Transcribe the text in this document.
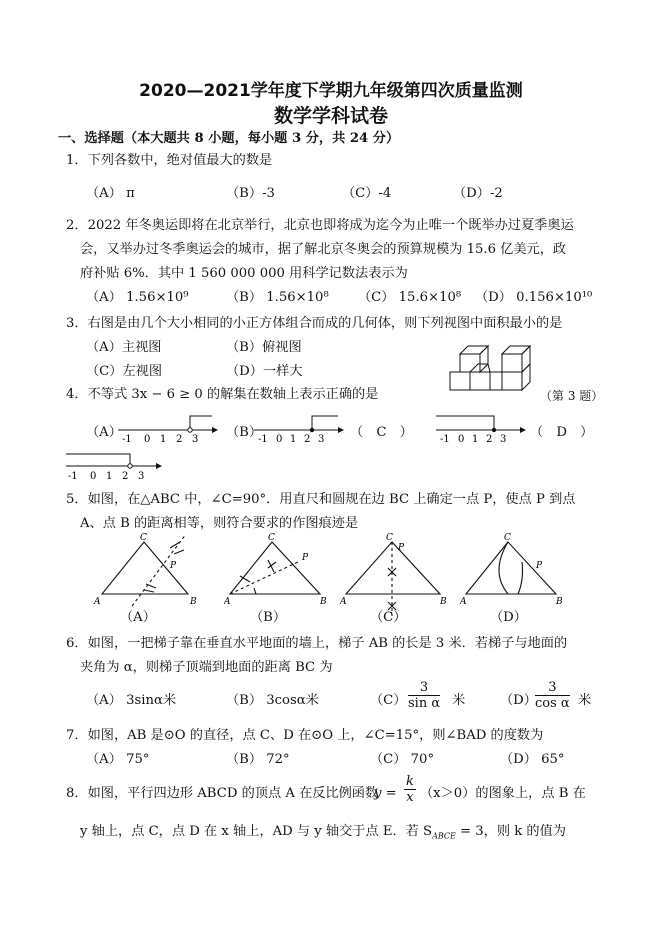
2020—2021学年度下学期九年级第四次质量监测
数学学科试卷
一、选择题（本大题共 8 小题，每小题 3 分，共 24 分）
1．下列各数中，绝对值最大的数是
（A） π	（B）-3	（C）-4	（D）-2
2．2022 年冬奥运即将在北京举行，北京也即将成为迄今为止唯一个既举办过夏季奥运
会，又举办过冬季奥运会的城市，据了解北京冬奥会的预算规模为 15.6 亿美元，政
府补贴 6%．其中 1 560 000 000 用科学记数法表示为
（A） 1.56×10⁹	（B） 1.56×10⁸ （C） 15.6×10⁸ （D） 0.156×10¹⁰
3．右图是由几个大小相同的小正方体组合而成的几何体，则下列视图中面积最小的是
（A）主视图	（B）俯视图
（C）左视图	（D）一样大
（第 3 题）
4．不等式 3x − 6 ≥ 0 的解集在数轴上表示正确的是
（A）	（B）	（　C　）	（　D　）
-1 0 1 2 3	-1 0 1 2 3	-1 0 1 2 3
-1 0 1 2 3
5．如图，在△ABC 中，∠C=90°．用直尺和圆规在边 BC 上确定一点 P，使点 P 到点
A、点 B 的距离相等，则符合要求的作图痕迹是
A	B
C
P
A	B
C
P
A	B
C
P
A	B
C
P
（A）	（B）	（C）	（D）
6．如图，一把梯子靠在垂直水平地面的墙上，梯子 AB 的长是 3 米．若梯子与地面的
夹角为 α，则梯子顶端到地面的距离 BC 为
（A） 3sinα米	（B） 3cosα米	$(C) \frac{3}{\text{sin α}}$ 米	（D）
$\frac{3}{\text{cos α}}$ 米
7．如图，AB 是⊙O 的直径，点 C、D 在⊙O 上，∠C=15°，则∠BAD 的度数为
（A） 75°	（B） 72°	（C） 70°	（D） 65°
8．如图，平行四边形 ABCD 的顶点 A 在反比例函数
$y = \frac{k}{x} (x>0)$的图象上，点 B 在
y 轴上，点 C，点 D 在 x 轴上，AD 与 y 轴交于点 E．若 $S_{ABCE} = 3$，则 k 的值为
